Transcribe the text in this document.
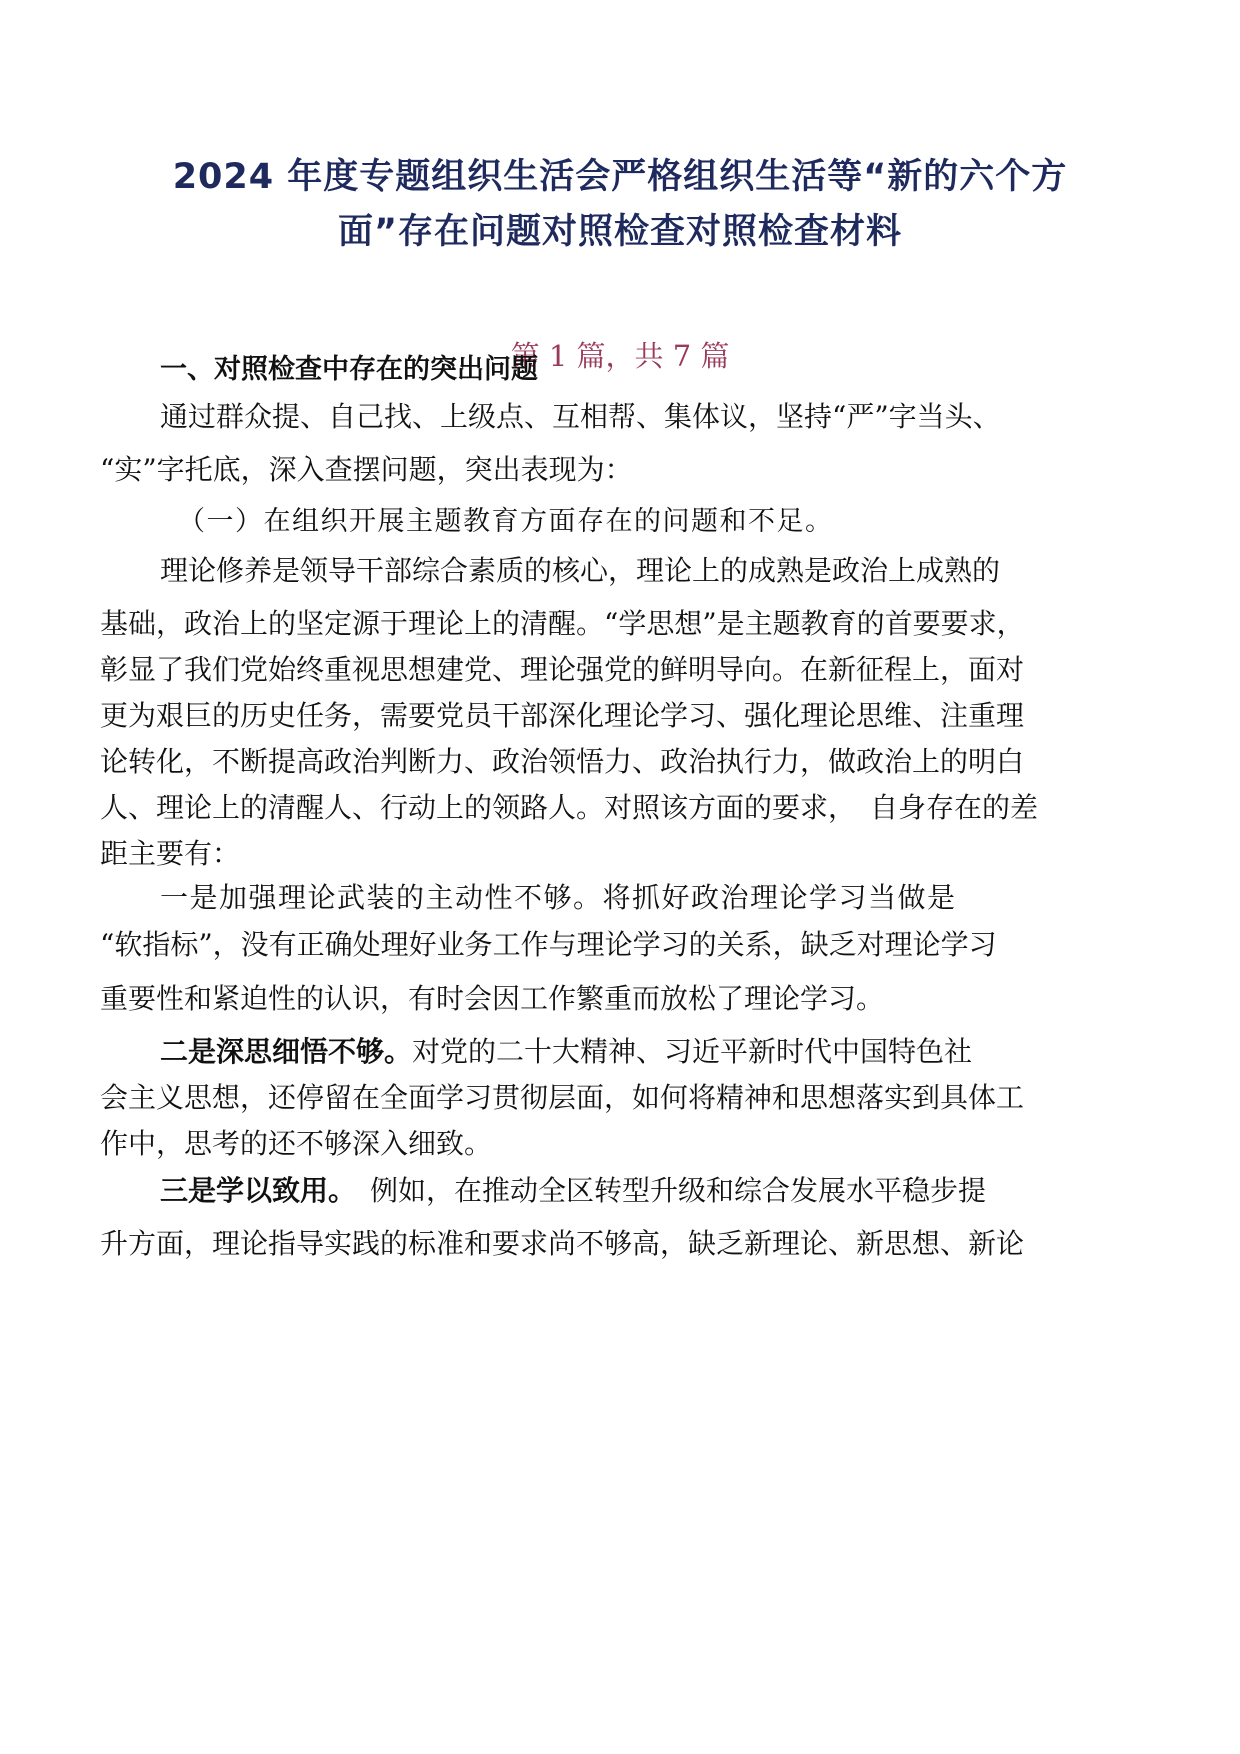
2024 年度专题组织生活会严格组织生活等“新的六个方
面”存在问题对照检查对照检查材料
第 1 篇，共 7 篇
一、对照检查中存在的突出问题
通过群众提、自己找、上级点、互相帮、集体议，坚持“严”字当头、
“实”字托底，深入查摆问题，突出表现为：
（一）在组织开展主题教育方面存在的问题和不足。
理论修养是领导干部综合素质的核心，理论上的成熟是政治上成熟的
基础，政治上的坚定源于理论上的清醒。“学思想”是主题教育的首要要求，
彰显了我们党始终重视思想建党、理论强党的鲜明导向。在新征程上，面对
更为艰巨的历史任务，需要党员干部深化理论学习、强化理论思维、注重理
论转化，不断提高政治判断力、政治领悟力、政治执行力，做政治上的明白
人、理论上的清醒人、行动上的领路人。对照该方面的要求，　自身存在的差
距主要有：
一是加强理论武装的主动性不够。将抓好政治理论学习当做是
“软指标”，没有正确处理好业务工作与理论学习的关系，缺乏对理论学习
重要性和紧迫性的认识，有时会因工作繁重而放松了理论学习。
二是深思细悟不够。对党的二十大精神、习近平新时代中国特色社
会主义思想，还停留在全面学习贯彻层面，如何将精神和思想落实到具体工
作中，思考的还不够深入细致。
三是学以致用。　例如，在推动全区转型升级和综合发展水平稳步提
升方面，理论指导实践的标准和要求尚不够高，缺乏新理论、新思想、新论
